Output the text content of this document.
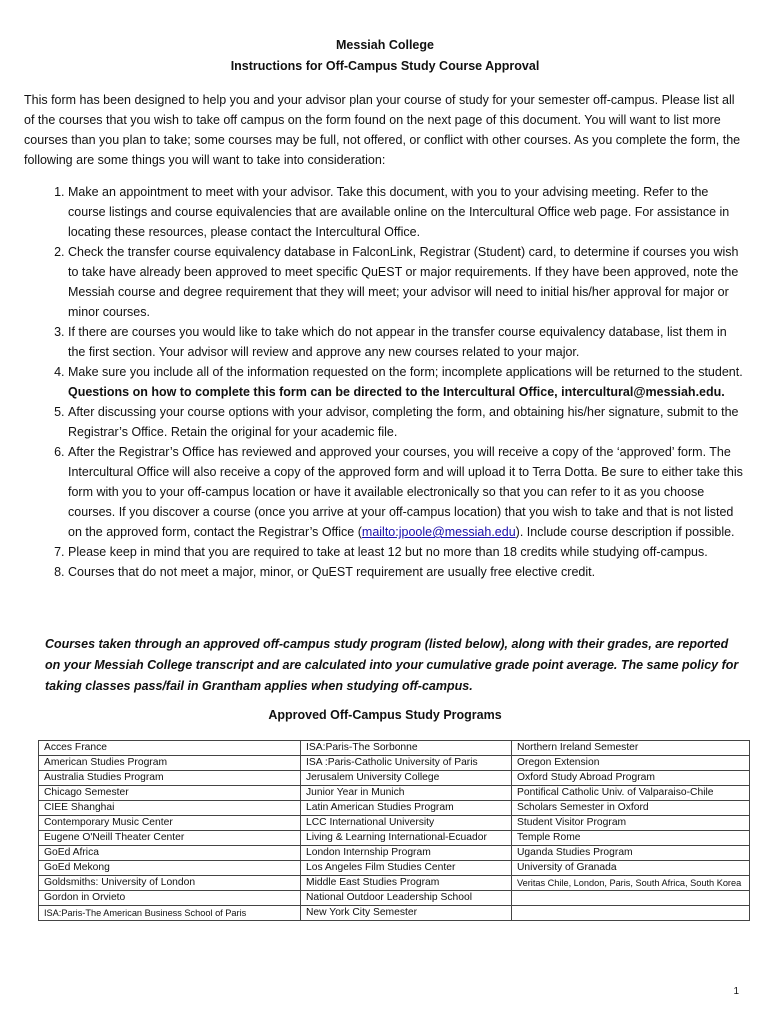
Messiah College
Instructions for Off-Campus Study Course Approval
This form has been designed to help you and your advisor plan your course of study for your semester off-campus. Please list all of the courses that you wish to take off campus on the form found on the next page of this document. You will want to list more courses than you plan to take; some courses may be full, not offered, or conflict with other courses. As you complete the form, the following are some things you will want to take into consideration:
1. Make an appointment to meet with your advisor. Take this document, with you to your advising meeting. Refer to the course listings and course equivalencies that are available online on the Intercultural Office web page. For assistance in locating these resources, please contact the Intercultural Office.
2. Check the transfer course equivalency database in FalconLink, Registrar (Student) card, to determine if courses you wish to take have already been approved to meet specific QuEST or major requirements. If they have been approved, note the Messiah course and degree requirement that they will meet; your advisor will need to initial his/her approval for major or minor courses.
3. If there are courses you would like to take which do not appear in the transfer course equivalency database, list them in the first section. Your advisor will review and approve any new courses related to your major.
4. Make sure you include all of the information requested on the form; incomplete applications will be returned to the student. Questions on how to complete this form can be directed to the Intercultural Office, intercultural@messiah.edu.
5. After discussing your course options with your advisor, completing the form, and obtaining his/her signature, submit to the Registrar’s Office. Retain the original for your academic file.
6. After the Registrar’s Office has reviewed and approved your courses, you will receive a copy of the ‘approved’ form. The Intercultural Office will also receive a copy of the approved form and will upload it to Terra Dotta. Be sure to either take this form with you to your off-campus location or have it available electronically so that you can refer to it as you choose courses. If you discover a course (once you arrive at your off-campus location) that you wish to take and that is not listed on the approved form, contact the Registrar’s Office (mailto:jpoole@messiah.edu). Include course description if possible.
7. Please keep in mind that you are required to take at least 12 but no more than 18 credits while studying off-campus.
8. Courses that do not meet a major, minor, or QuEST requirement are usually free elective credit.
Courses taken through an approved off-campus study program (listed below), along with their grades, are reported on your Messiah College transcript and are calculated into your cumulative grade point average. The same policy for taking classes pass/fail in Grantham applies when studying off-campus.
Approved Off-Campus Study Programs
Acces France	ISA:Paris-The Sorbonne	Northern Ireland Semester
American Studies Program	ISA :Paris-Catholic University of Paris	Oregon Extension
Australia Studies Program	Jerusalem University College	Oxford Study Abroad Program
Chicago Semester	Junior Year in Munich	Pontifical Catholic Univ. of Valparaiso-Chile
CIEE Shanghai	Latin American Studies Program	Scholars Semester in Oxford
Contemporary Music Center	LCC International University	Student Visitor Program
Eugene O'Neill Theater Center	Living & Learning International-Ecuador	Temple Rome
GoEd Africa	London Internship Program	Uganda Studies Program
GoEd Mekong	Los Angeles Film Studies Center	University of Granada
Goldsmiths: University of London	Middle East Studies Program	Veritas Chile, London, Paris, South Africa, South Korea
Gordon in Orvieto	National Outdoor Leadership School	
ISA:Paris-The American Business School of Paris	New York City Semester	
1
